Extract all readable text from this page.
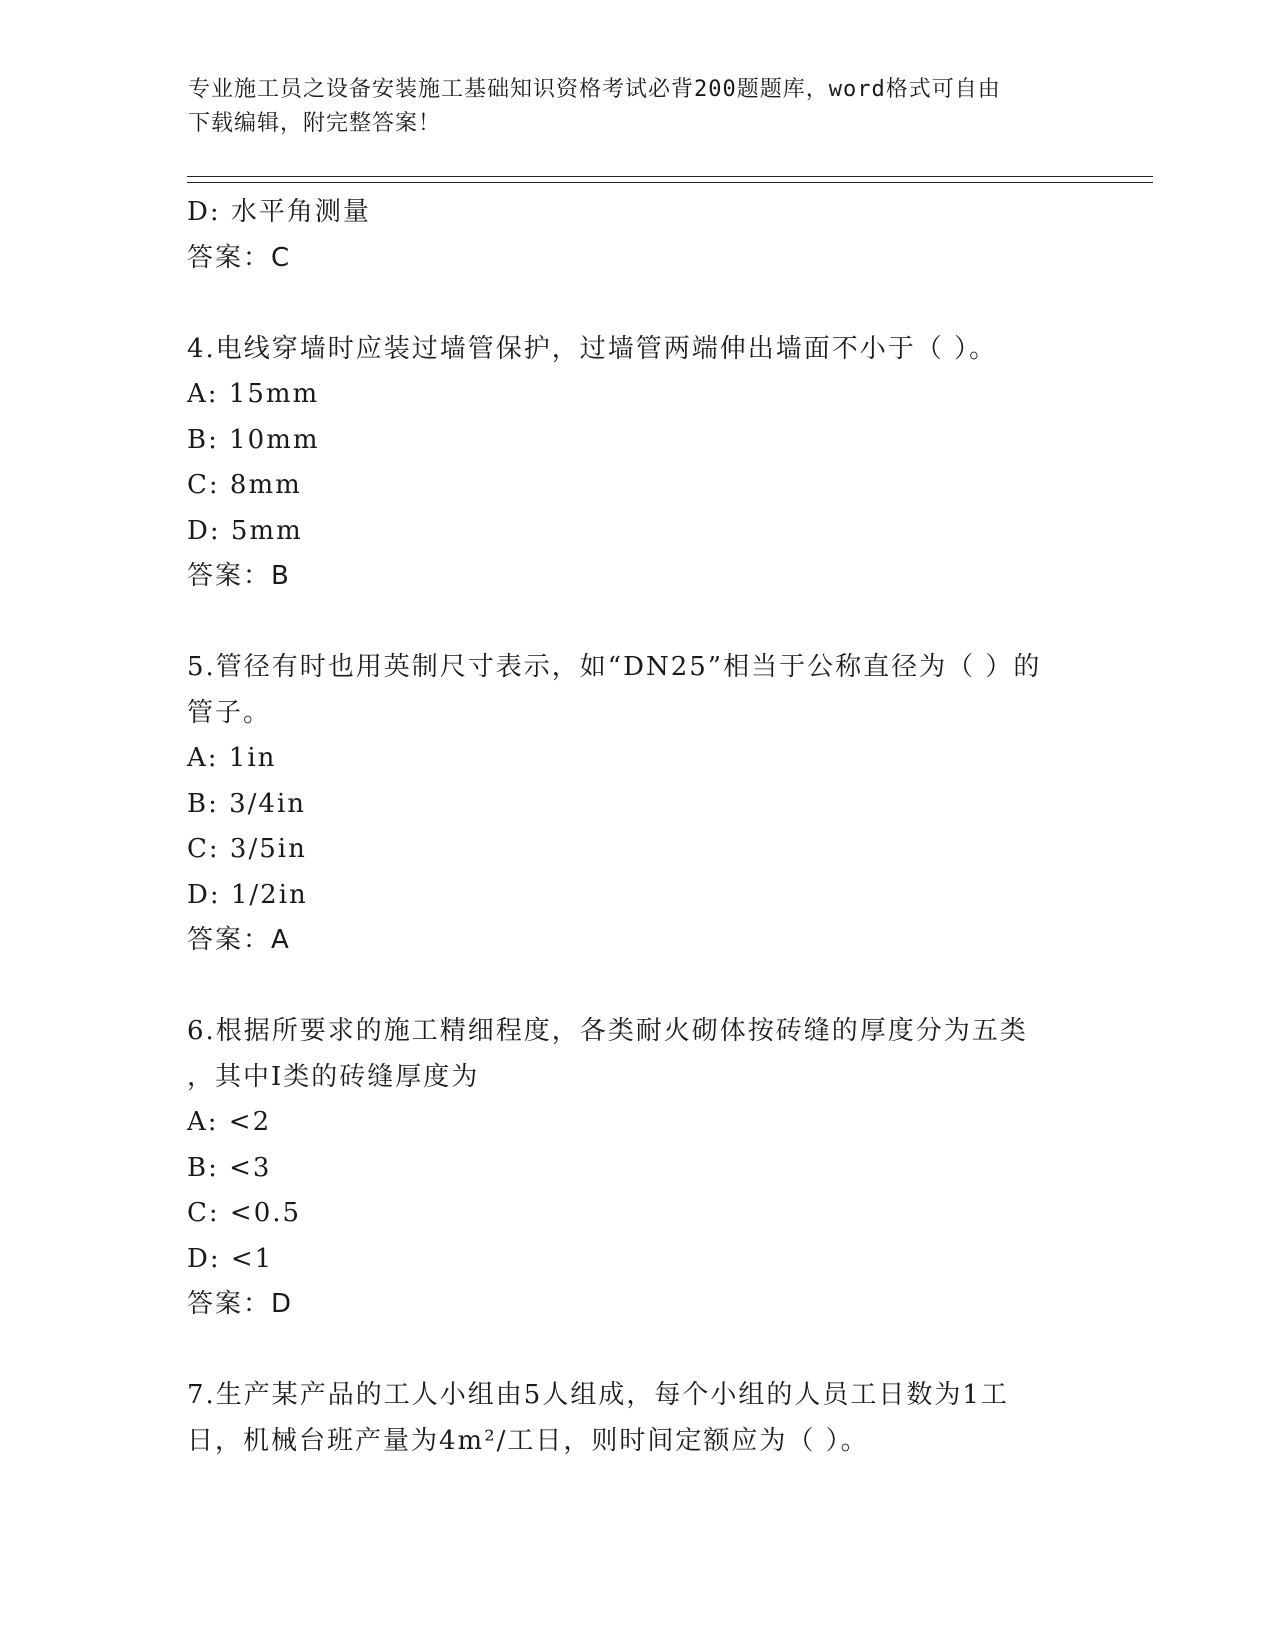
专业施工员之设备安装施工基础知识资格考试必背200题题库，word格式可自由
下载编辑，附完整答案！
D: 水平角测量
答案：C
4.电线穿墙时应装过墙管保护，过墙管两端伸出墙面不小于（ ）。
A: 15mm
B: 10mm
C: 8mm
D: 5mm
答案：B
5.管径有时也用英制尺寸表示，如“DN25”相当于公称直径为（ ）的
管子。
A: 1in
B: 3/4in
C: 3/5in
D: 1/2in
答案：A
6.根据所要求的施工精细程度，各类耐火砌体按砖缝的厚度分为五类
，其中Ⅰ类的砖缝厚度为
A: <2
B: <3
C: <0.5
D: <1
答案：D
7.生产某产品的工人小组由5人组成，每个小组的人员工日数为1工
日，机械台班产量为4m²/工日，则时间定额应为（ ）。
